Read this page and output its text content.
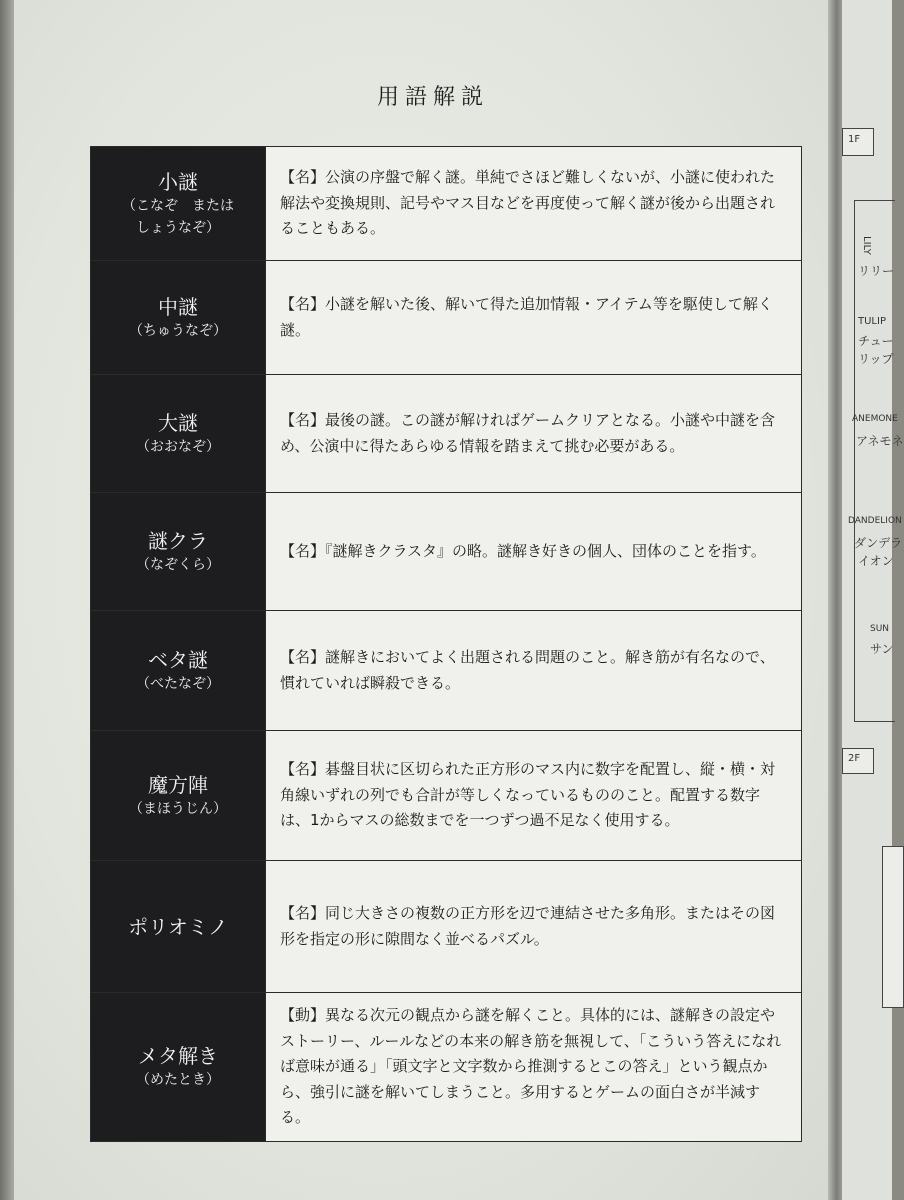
用語解説
小謎
（こなぞ　または
しょうなぞ）	【名】公演の序盤で解く謎。単純でさほど難しくないが、小謎に使われた解法や変換規則、記号やマス目などを再度使って解く謎が後から出題されることもある。

中謎
（ちゅうなぞ）	【名】小謎を解いた後、解いて得た追加情報・アイテム等を駆使して解く謎。

大謎
（おおなぞ）	【名】最後の謎。この謎が解ければゲームクリアとなる。小謎や中謎を含め、公演中に得たあらゆる情報を踏まえて挑む必要がある。

謎クラ
（なぞくら）	【名】『謎解きクラスタ』の略。謎解き好きの個人、団体のことを指す。

ベタ謎
（べたなぞ）	【名】謎解きにおいてよく出題される問題のこと。解き筋が有名なので、慣れていれば瞬殺できる。

魔方陣
（まほうじん）	【名】碁盤目状に区切られた正方形のマス内に数字を配置し、縦・横・対角線いずれの列でも合計が等しくなっているもののこと。配置する数字は、1からマスの総数までを一つずつ過不足なく使用する。

ポリオミノ	【名】同じ大きさの複数の正方形を辺で連結させた多角形。またはその図形を指定の形に隙間なく並べるパズル。

メタ解き
（めたとき）	【動】異なる次元の観点から謎を解くこと。具体的には、謎解きの設定やストーリー、ルールなどの本来の解き筋を無視して、「こういう答えになれば意味が通る」「頭文字と文字数から推測するとこの答え」という観点から、強引に謎を解いてしまうこと。多用するとゲームの面白さが半減する。
1F
LILY
リリー
TULIP
チュー
リップ
ANEMONE
アネモネ
DANDELION
ダンデラ
イオン
SUN
サン
2F
